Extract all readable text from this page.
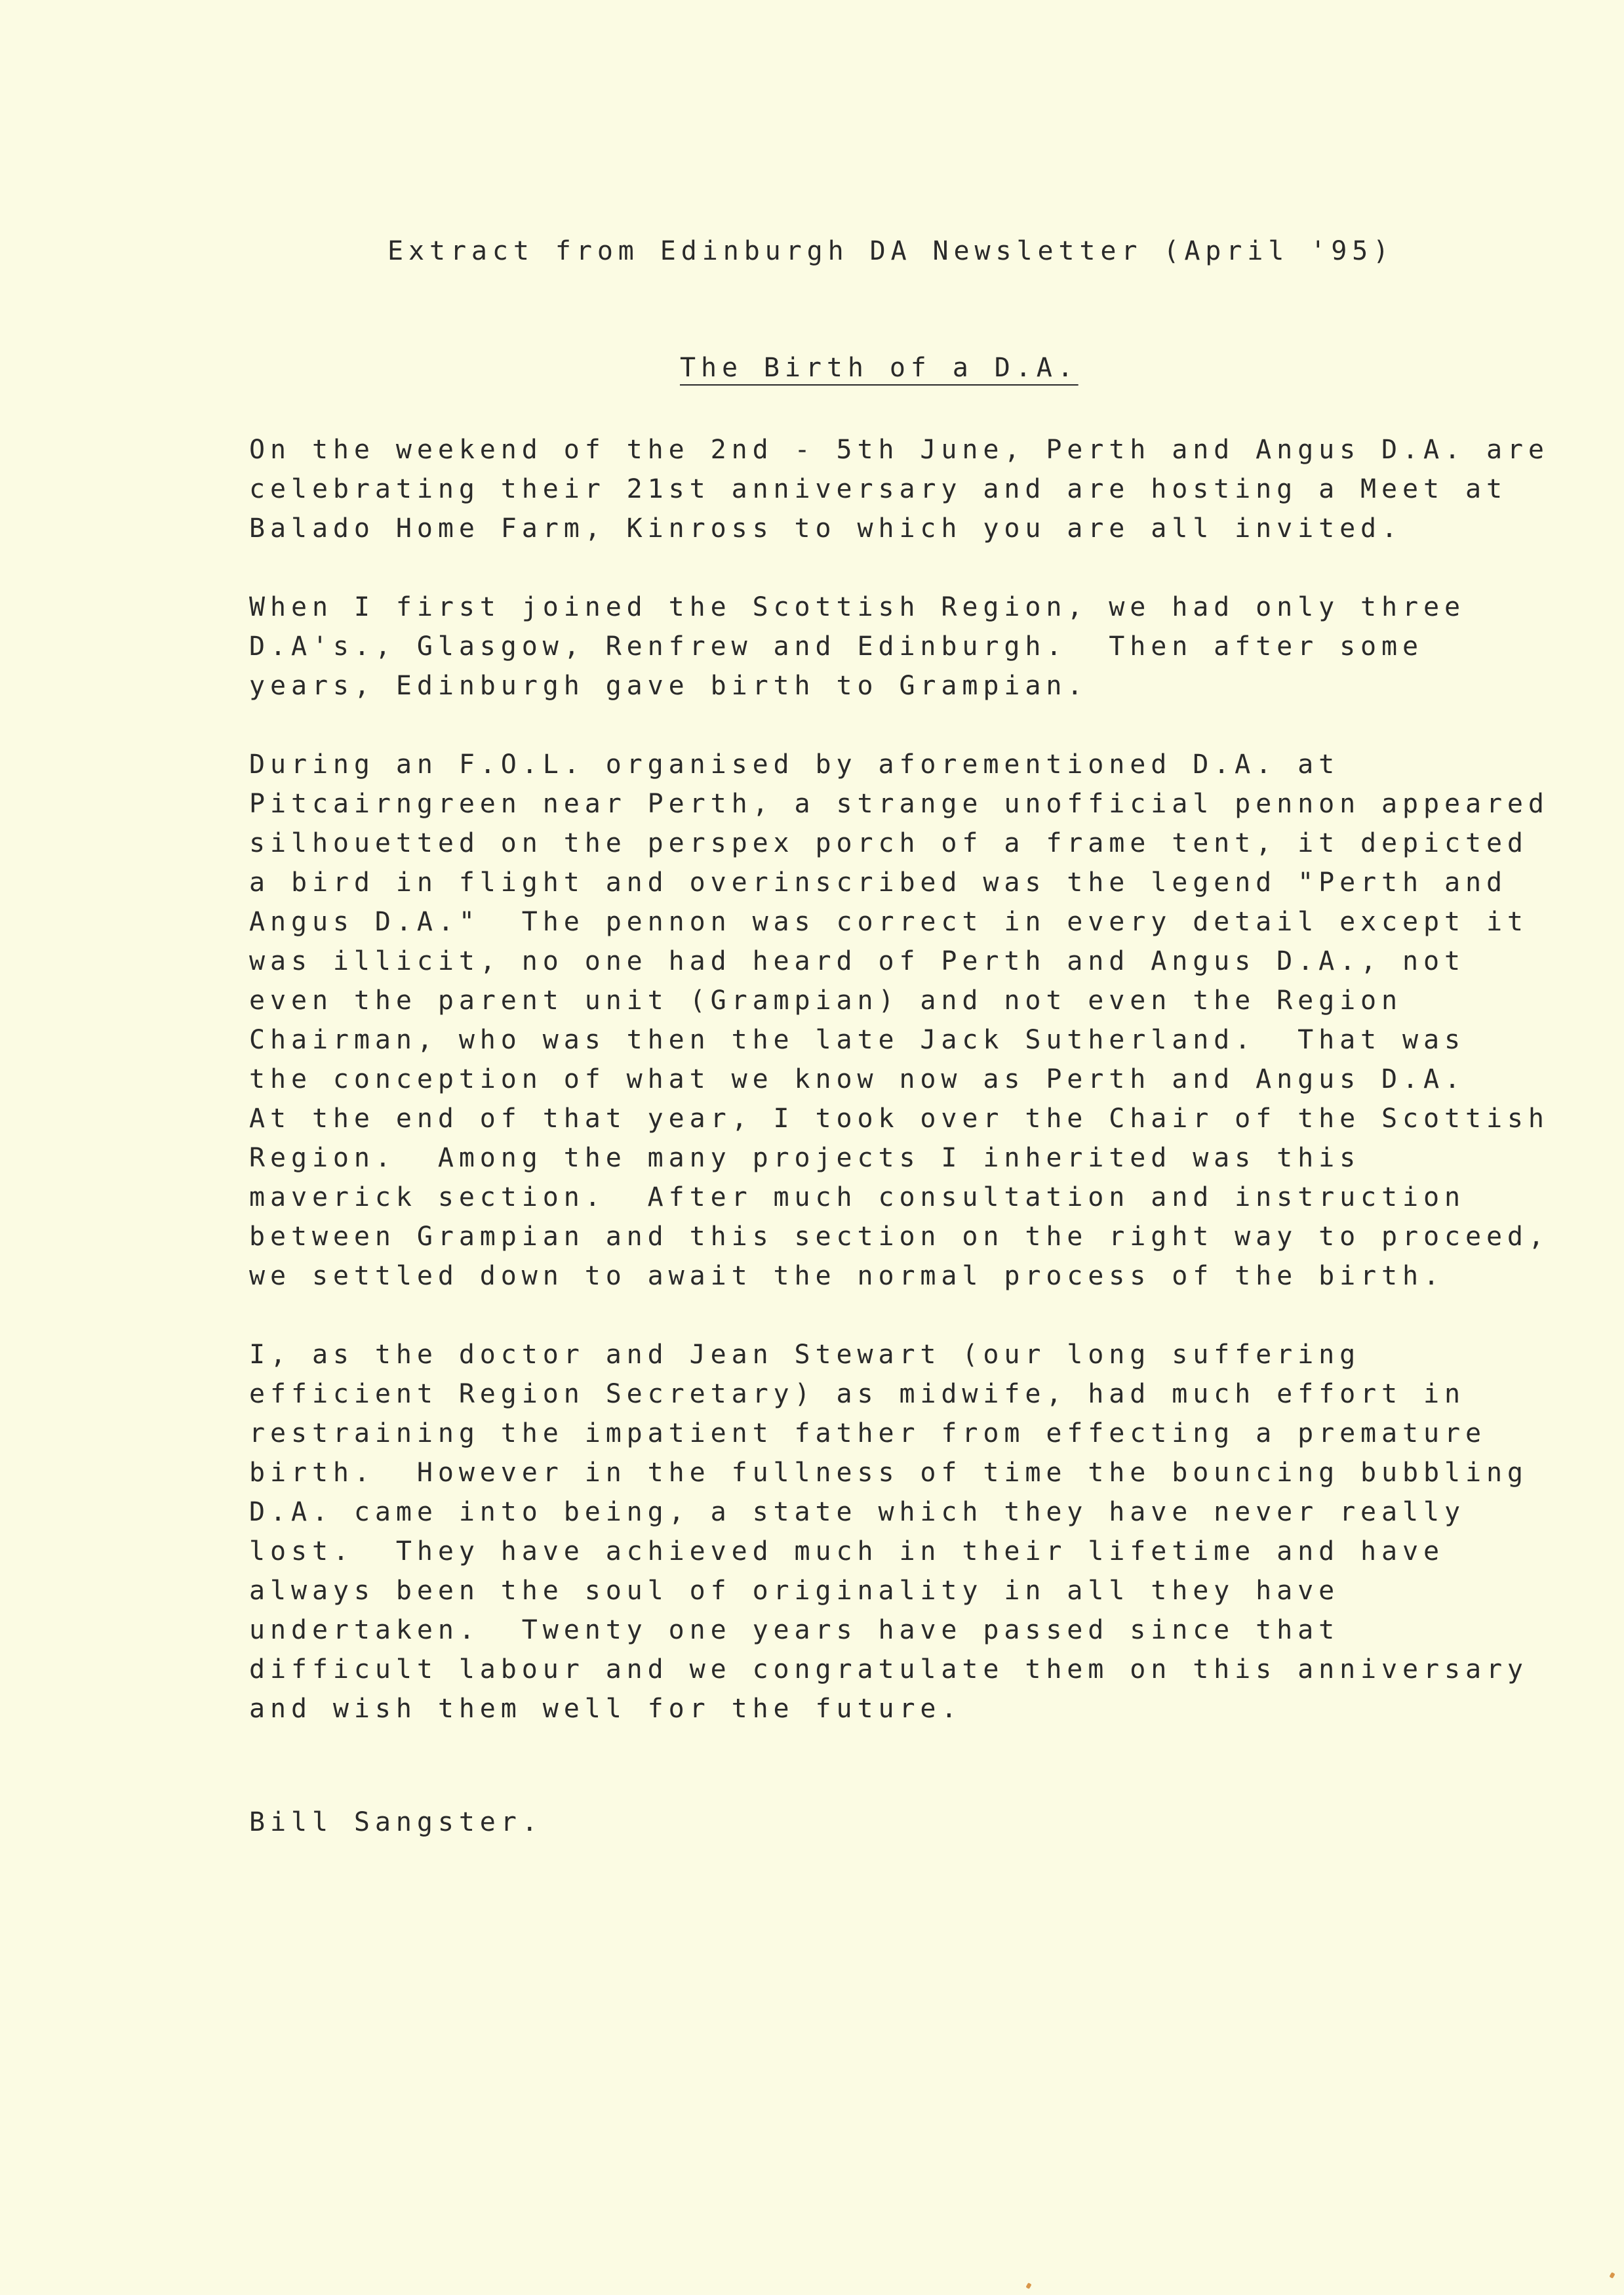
Extract from Edinburgh DA Newsletter (April '95)
The Birth of a D.A.
On the weekend of the 2nd - 5th June, Perth and Angus D.A. are
celebrating their 21st anniversary and are hosting a Meet at
Balado Home Farm, Kinross to which you are all invited.
When I first joined the Scottish Region, we had only three
D.A's., Glasgow, Renfrew and Edinburgh.  Then after some
years, Edinburgh gave birth to Grampian.
During an F.O.L. organised by aforementioned D.A. at
Pitcairngreen near Perth, a strange unofficial pennon appeared
silhouetted on the perspex porch of a frame tent, it depicted
a bird in flight and overinscribed was the legend "Perth and
Angus D.A."  The pennon was correct in every detail except it
was illicit, no one had heard of Perth and Angus D.A., not
even the parent unit (Grampian) and not even the Region
Chairman, who was then the late Jack Sutherland.  That was
the conception of what we know now as Perth and Angus D.A.
At the end of that year, I took over the Chair of the Scottish
Region.  Among the many projects I inherited was this
maverick section.  After much consultation and instruction
between Grampian and this section on the right way to proceed,
we settled down to await the normal process of the birth.
I, as the doctor and Jean Stewart (our long suffering
efficient Region Secretary) as midwife, had much effort in
restraining the impatient father from effecting a premature
birth.  However in the fullness of time the bouncing bubbling
D.A. came into being, a state which they have never really
lost.  They have achieved much in their lifetime and have
always been the soul of originality in all they have
undertaken.  Twenty one years have passed since that
difficult labour and we congratulate them on this anniversary
and wish them well for the future.
Bill Sangster.
